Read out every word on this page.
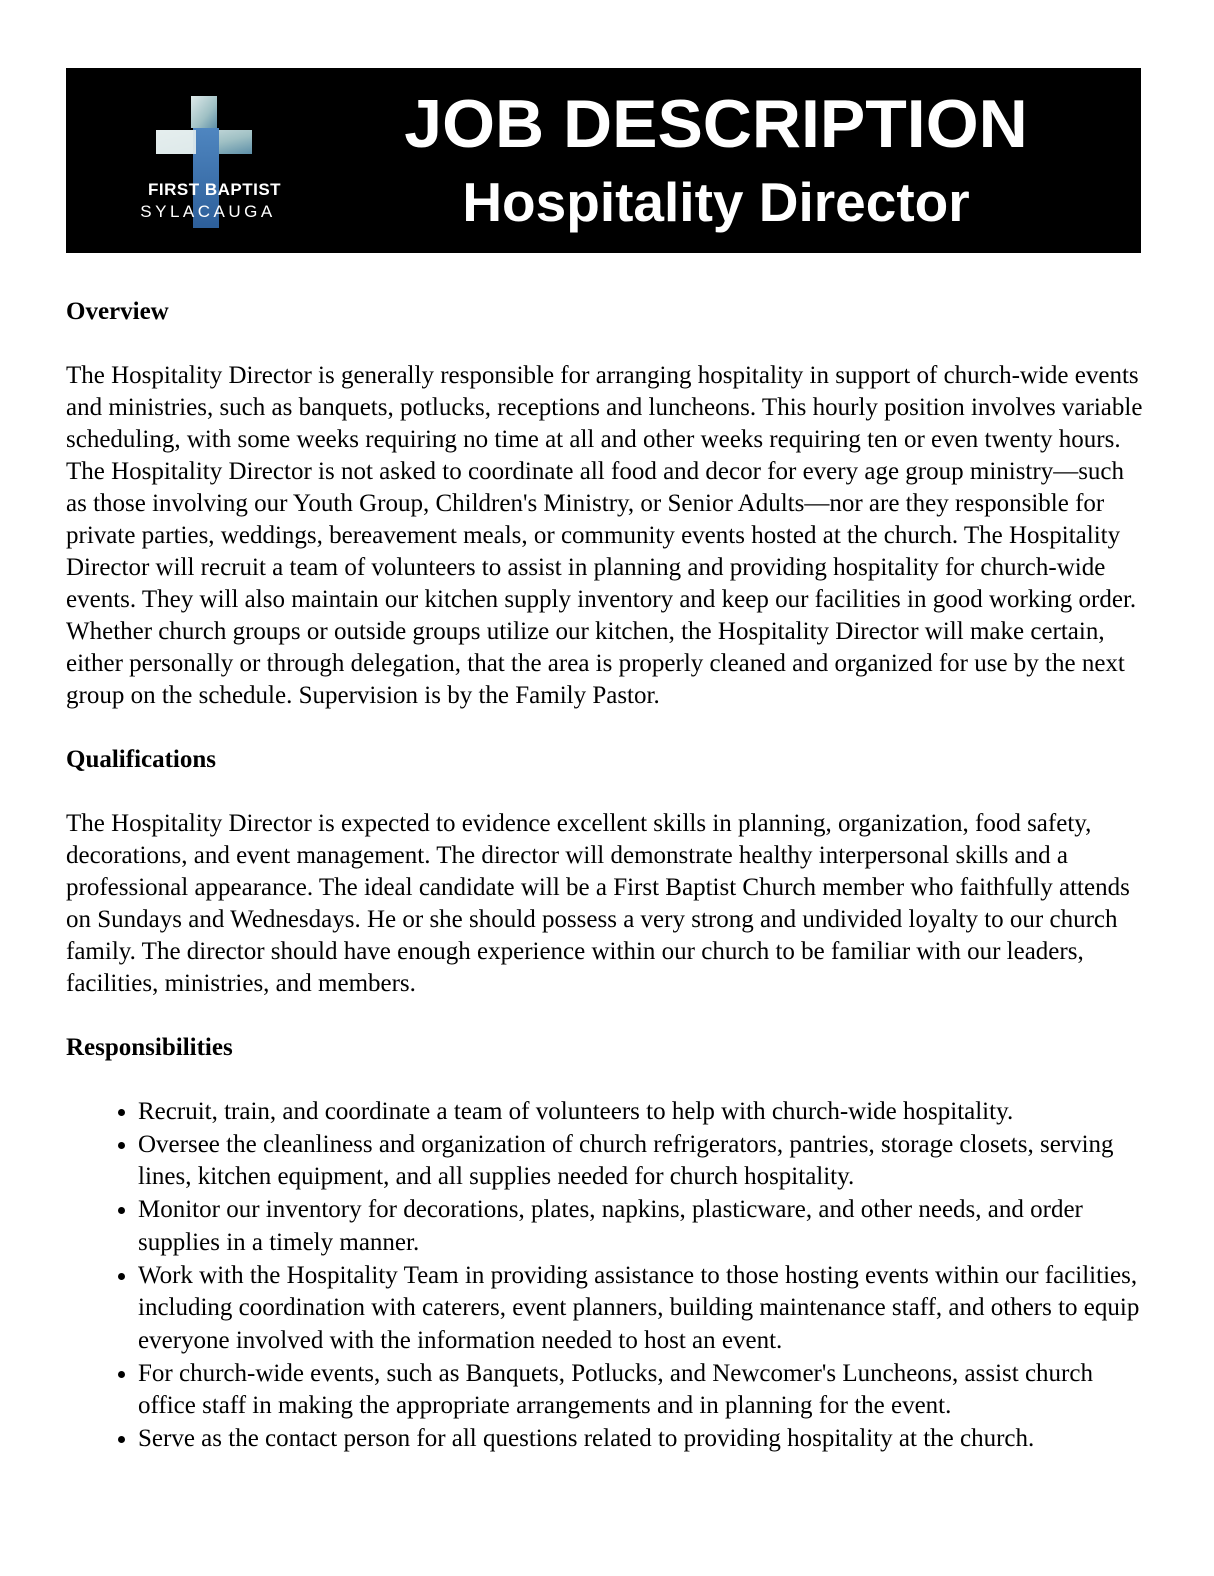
FIRST BAPTIST
SYLACAUGA
JOB DESCRIPTION
Hospitality Director
Overview

The Hospitality Director is generally responsible for arranging hospitality in support of church-wide events and ministries, such as banquets, potlucks, receptions and luncheons. This hourly position involves variable scheduling, with some weeks requiring no time at all and other weeks requiring ten or even twenty hours. The Hospitality Director is not asked to coordinate all food and decor for every age group ministry—such as those involving our Youth Group, Children's Ministry, or Senior Adults—nor are they responsible for private parties, weddings, bereavement meals, or community events hosted at the church. The Hospitality Director will recruit a team of volunteers to assist in planning and providing hospitality for church-wide events. They will also maintain our kitchen supply inventory and keep our facilities in good working order. Whether church groups or outside groups utilize our kitchen, the Hospitality Director will make certain, either personally or through delegation, that the area is properly cleaned and organized for use by the next group on the schedule. Supervision is by the Family Pastor.

Qualifications

The Hospitality Director is expected to evidence excellent skills in planning, organization, food safety, decorations, and event management. The director will demonstrate healthy interpersonal skills and a professional appearance. The ideal candidate will be a First Baptist Church member who faithfully attends on Sundays and Wednesdays. He or she should possess a very strong and undivided loyalty to our church family. The director should have enough experience within our church to be familiar with our leaders, facilities, ministries, and members.

Responsibilities
• Recruit, train, and coordinate a team of volunteers to help with church-wide hospitality.
• Oversee the cleanliness and organization of church refrigerators, pantries, storage closets, serving lines, kitchen equipment, and all supplies needed for church hospitality.
• Monitor our inventory for decorations, plates, napkins, plasticware, and other needs, and order supplies in a timely manner.
• Work with the Hospitality Team in providing assistance to those hosting events within our facilities, including coordination with caterers, event planners, building maintenance staff, and others to equip everyone involved with the information needed to host an event.
• For church-wide events, such as Banquets, Potlucks, and Newcomer's Luncheons, assist church office staff in making the appropriate arrangements and in planning for the event.
• Serve as the contact person for all questions related to providing hospitality at the church.
